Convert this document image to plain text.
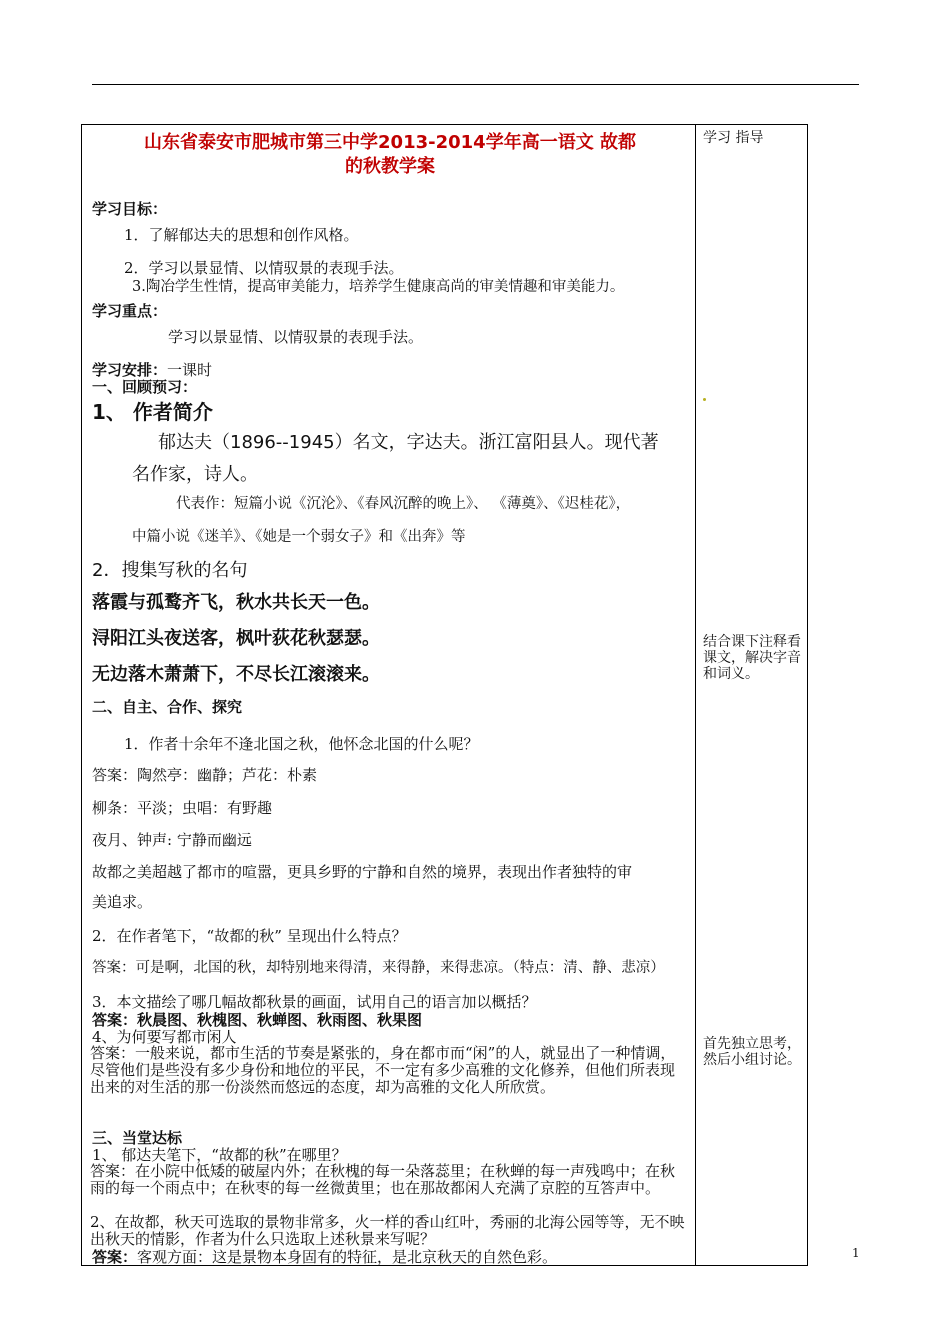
学习 指导
结合课下注释看课文，解决字音和词义。
首先独立思考，然后小组讨论。
山东省泰安市肥城市第三中学2013-2014学年高一语文 故都
的秋教学案
学习目标：
1．了解郁达夫的思想和创作风格。
2．学习以景显情、以情驭景的表现手法。
3.陶冶学生性情，提高审美能力，培养学生健康高尚的审美情趣和审美能力。
学习重点：
学习以景显情、以情驭景的表现手法。
学习安排：一课时
一、回顾预习：
1、 作者简介
郁达夫（1896--1945）名文，字达夫。浙江富阳县人。现代著
名作家，诗人。
代表作：短篇小说《沉沦》、《春风沉醉的晚上》、 《薄奠》、《迟桂花》，
中篇小说《迷羊》、《她是一个弱女子》和《出奔》等
2．搜集写秋的名句
落霞与孤鹜齐飞，秋水共长天一色。
浔阳江头夜送客，枫叶荻花秋瑟瑟。
无边落木萧萧下，不尽长江滚滚来。
二、自主、合作、探究
1．作者十余年不逢北国之秋，他怀念北国的什么呢？
答案：陶然亭：幽静；芦花：朴素
柳条：平淡；虫唱：有野趣
夜月、钟声: 宁静而幽远
故都之美超越了都市的喧嚣，更具乡野的宁静和自然的境界，表现出作者独特的审
美追求。
2．在作者笔下，“故都的秋” 呈现出什么特点？
答案：可是啊，北国的秋，却特别地来得清，来得静，来得悲凉。（特点：清、静、悲凉）
3．本文描绘了哪几幅故都秋景的画面，试用自己的语言加以概括？
答案：秋晨图、秋槐图、秋蝉图、秋雨图、秋果图
4、为何要写都市闲人
答案：一般来说，都市生活的节奏是紧张的，身在都市而“闲”的人，就显出了一种情调，尽管他们是些没有多少身份和地位的平民，不一定有多少高雅的文化修养，但他们所表现出来的对生活的那一份淡然而悠远的态度，却为高雅的文化人所欣赏。
三、当堂达标
1、 郁达夫笔下，“故都的秋”在哪里？
答案：在小院中低矮的破屋内外；在秋槐的每一朵落蕊里；在秋蝉的每一声残鸣中；在秋雨的每一个雨点中；在秋枣的每一丝微黄里；也在那故都闲人充满了京腔的互答声中。
2、在故都，秋天可选取的景物非常多，火一样的香山红叶，秀丽的北海公园等等，无不映出秋天的情影，作者为什么只选取上述秋景来写呢？
答案：客观方面：这是景物本身固有的特征，是北京秋天的自然色彩。	1
